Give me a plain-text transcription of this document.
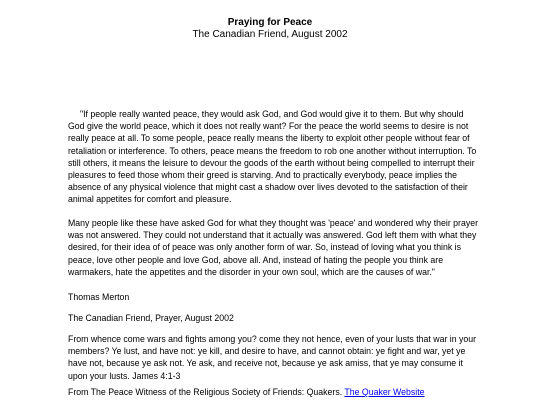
Praying for Peace
The Canadian Friend, August 2002

"If people really wanted peace, they would ask God, and God would give it to them. But why should God give the world peace, which it does not really want? For the peace the world seems to desire is not really peace at all. To some people, peace really means the liberty to exploit other people without fear of retaliation or interference. To others, peace means the freedom to rob one another without interruption. To still others, it means the leisure to devour the goods of the earth without being compelled to interrupt their pleasures to feed those whom their greed is starving. And to practically everybody, peace implies the absence of any physical violence that might cast a shadow over lives devoted to the satisfaction of their animal appetites for comfort and pleasure.

Many people like these have asked God for what they thought was 'peace' and wondered why their prayer was not answered. They could not understand that it actually was answered. God left them with what they desired, for their idea of of peace was only another form of war. So, instead of loving what you think is peace, love other people and love God, above all. And, instead of hating the people you think are warmakers, hate the appetites and the disorder in your own soul, which are the causes of war."

Thomas Merton

The Canadian Friend, Prayer, August 2002

From whence come wars and fights among you? come they not hence, even of your lusts that war in your members? Ye lust, and have not: ye kill, and desire to have, and cannot obtain: ye fight and war, yet ye have not, because ye ask not. Ye ask, and receive not, because ye ask amiss, that ye may consume it upon your lusts. James 4:1-3

From The Peace Witness of the Religious Society of Friends: Quakers. The Quaker Website
